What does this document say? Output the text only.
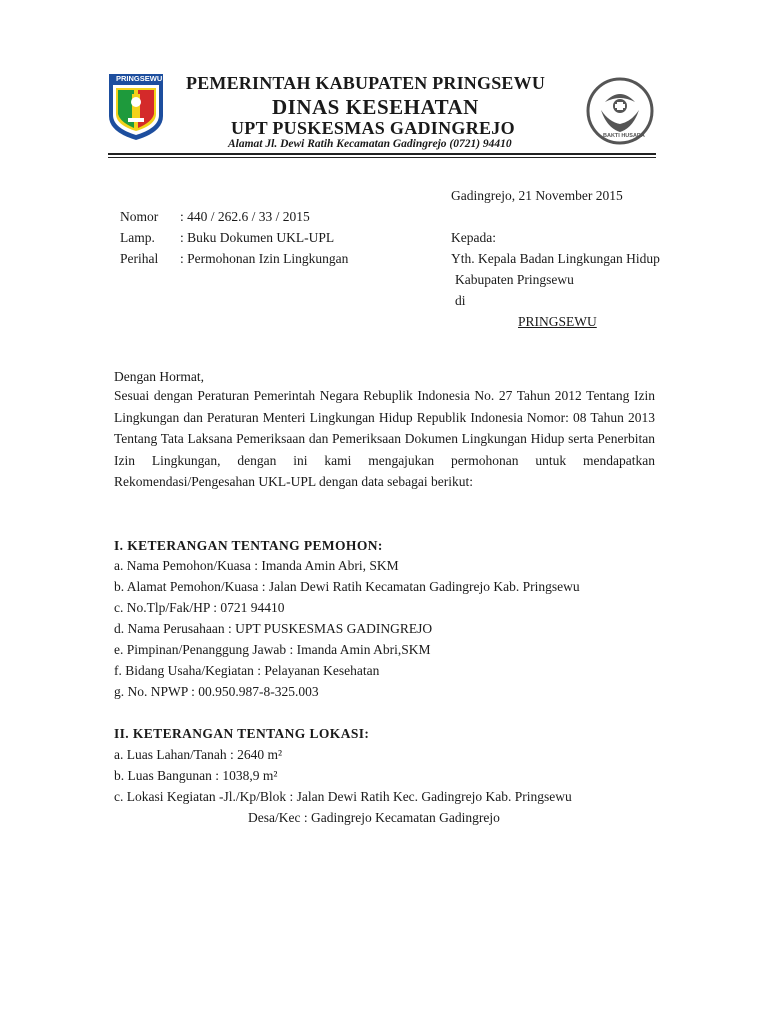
PRINGSEWU
BAKTI HUSADA
PEMERINTAH KABUPATEN PRINGSEWU
DINAS KESEHATAN
UPT PUSKESMAS GADINGREJO
Alamat Jl. Dewi Ratih Kecamatan Gadingrejo (0721) 94410
Gadingrejo, 21 November 2015
Nomor : 440 / 262.6 / 33 / 2015
Lamp. : Buku Dokumen UKL-UPL	Kepada:
Perihal : Permohonan Izin Lingkungan	Yth. Kepala Badan Lingkungan Hidup
Kabupaten Pringsewu
di
PRINGSEWU
Dengan Hormat,
Sesuai dengan Peraturan Pemerintah Negara Rebuplik Indonesia No. 27 Tahun 2012 Tentang Izin Lingkungan dan Peraturan Menteri Lingkungan Hidup Republik Indonesia Nomor: 08 Tahun 2013 Tentang Tata Laksana Pemeriksaan dan Pemeriksaan Dokumen Lingkungan Hidup serta Penerbitan Izin Lingkungan, dengan ini kami mengajukan permohonan untuk mendapatkan Rekomendasi/Pengesahan UKL-UPL dengan data sebagai berikut:
I. KETERANGAN TENTANG PEMOHON:
a. Nama Pemohon/Kuasa : Imanda Amin Abri, SKM
b. Alamat Pemohon/Kuasa : Jalan Dewi Ratih Kecamatan Gadingrejo Kab. Pringsewu
c. No.Tlp/Fak/HP : 0721 94410
d. Nama Perusahaan : UPT PUSKESMAS GADINGREJO
e. Pimpinan/Penanggung Jawab : Imanda Amin Abri,SKM
f. Bidang Usaha/Kegiatan : Pelayanan Kesehatan
g. No. NPWP : 00.950.987-8-325.003
II. KETERANGAN TENTANG LOKASI:
a. Luas Lahan/Tanah : 2640 m²
b. Luas Bangunan : 1038,9 m²
c. Lokasi Kegiatan -Jl./Kp/Blok : Jalan Dewi Ratih Kec. Gadingrejo Kab. Pringsewu
Desa/Kec : Gadingrejo Kecamatan Gadingrejo
